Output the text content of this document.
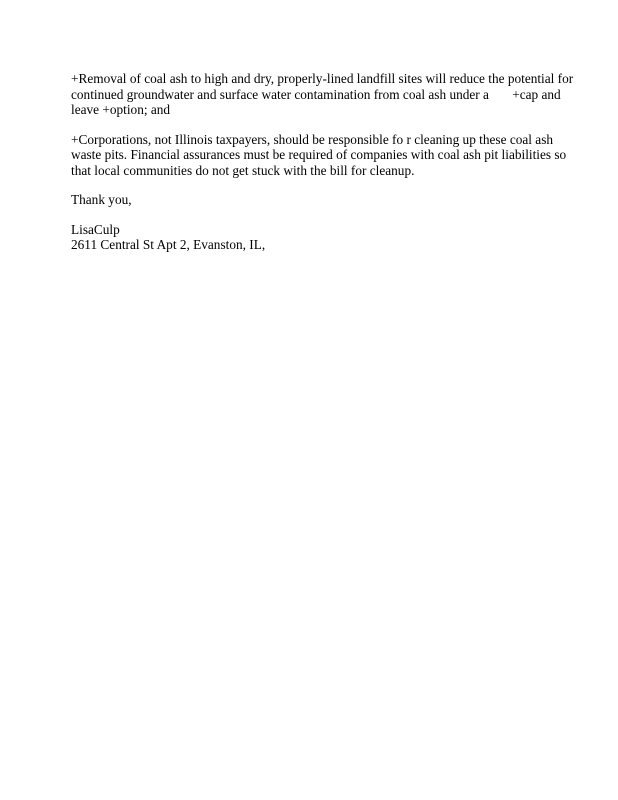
+Removal of coal ash to high and dry, properly-lined landfill sites will reduce the potential for
continued groundwater and surface water contamination from coal ash under a       +cap and
leave +option; and
+Corporations, not Illinois taxpayers, should be responsible fo r cleaning up these coal ash
waste pits. Financial assurances must be required of companies with coal ash pit liabilities so
that local communities do not get stuck with the bill for cleanup.
Thank you,
LisaCulp
2611 Central St Apt 2, Evanston, IL,
